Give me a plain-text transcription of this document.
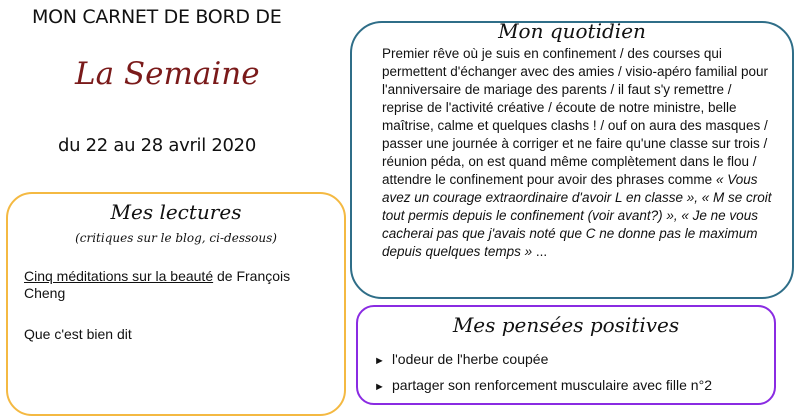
MON CARNET DE BORD DE
La Semaine
du 22 au 28 avril 2020
Mes lectures
(critiques sur le blog, ci-dessous)
Cinq méditations sur la beauté de François Cheng
Que c'est bien dit
Mon quotidien
Premier rêve où je suis en confinement / des courses qui permettent d'échanger avec des amies / visio-apéro familial pour l'anniversaire de mariage des parents / il faut s'y remettre / reprise de l'activité créative / écoute de notre ministre, belle maîtrise, calme et quelques clashs ! / ouf on aura des masques / passer une journée à corriger et ne faire qu'une classe sur trois / réunion péda, on est quand même complètement dans le flou / attendre le confinement pour avoir des phrases comme « Vous avez un courage extraordinaire d'avoir L en classe », « M se croit tout permis depuis le confinement (voir avant?) », « Je ne vous cacherai pas que j'avais noté que C ne donne pas le maximum depuis quelques temps » ...
Mes pensées positives
► l'odeur de l'herbe coupée
► partager son renforcement musculaire avec fille n°2
